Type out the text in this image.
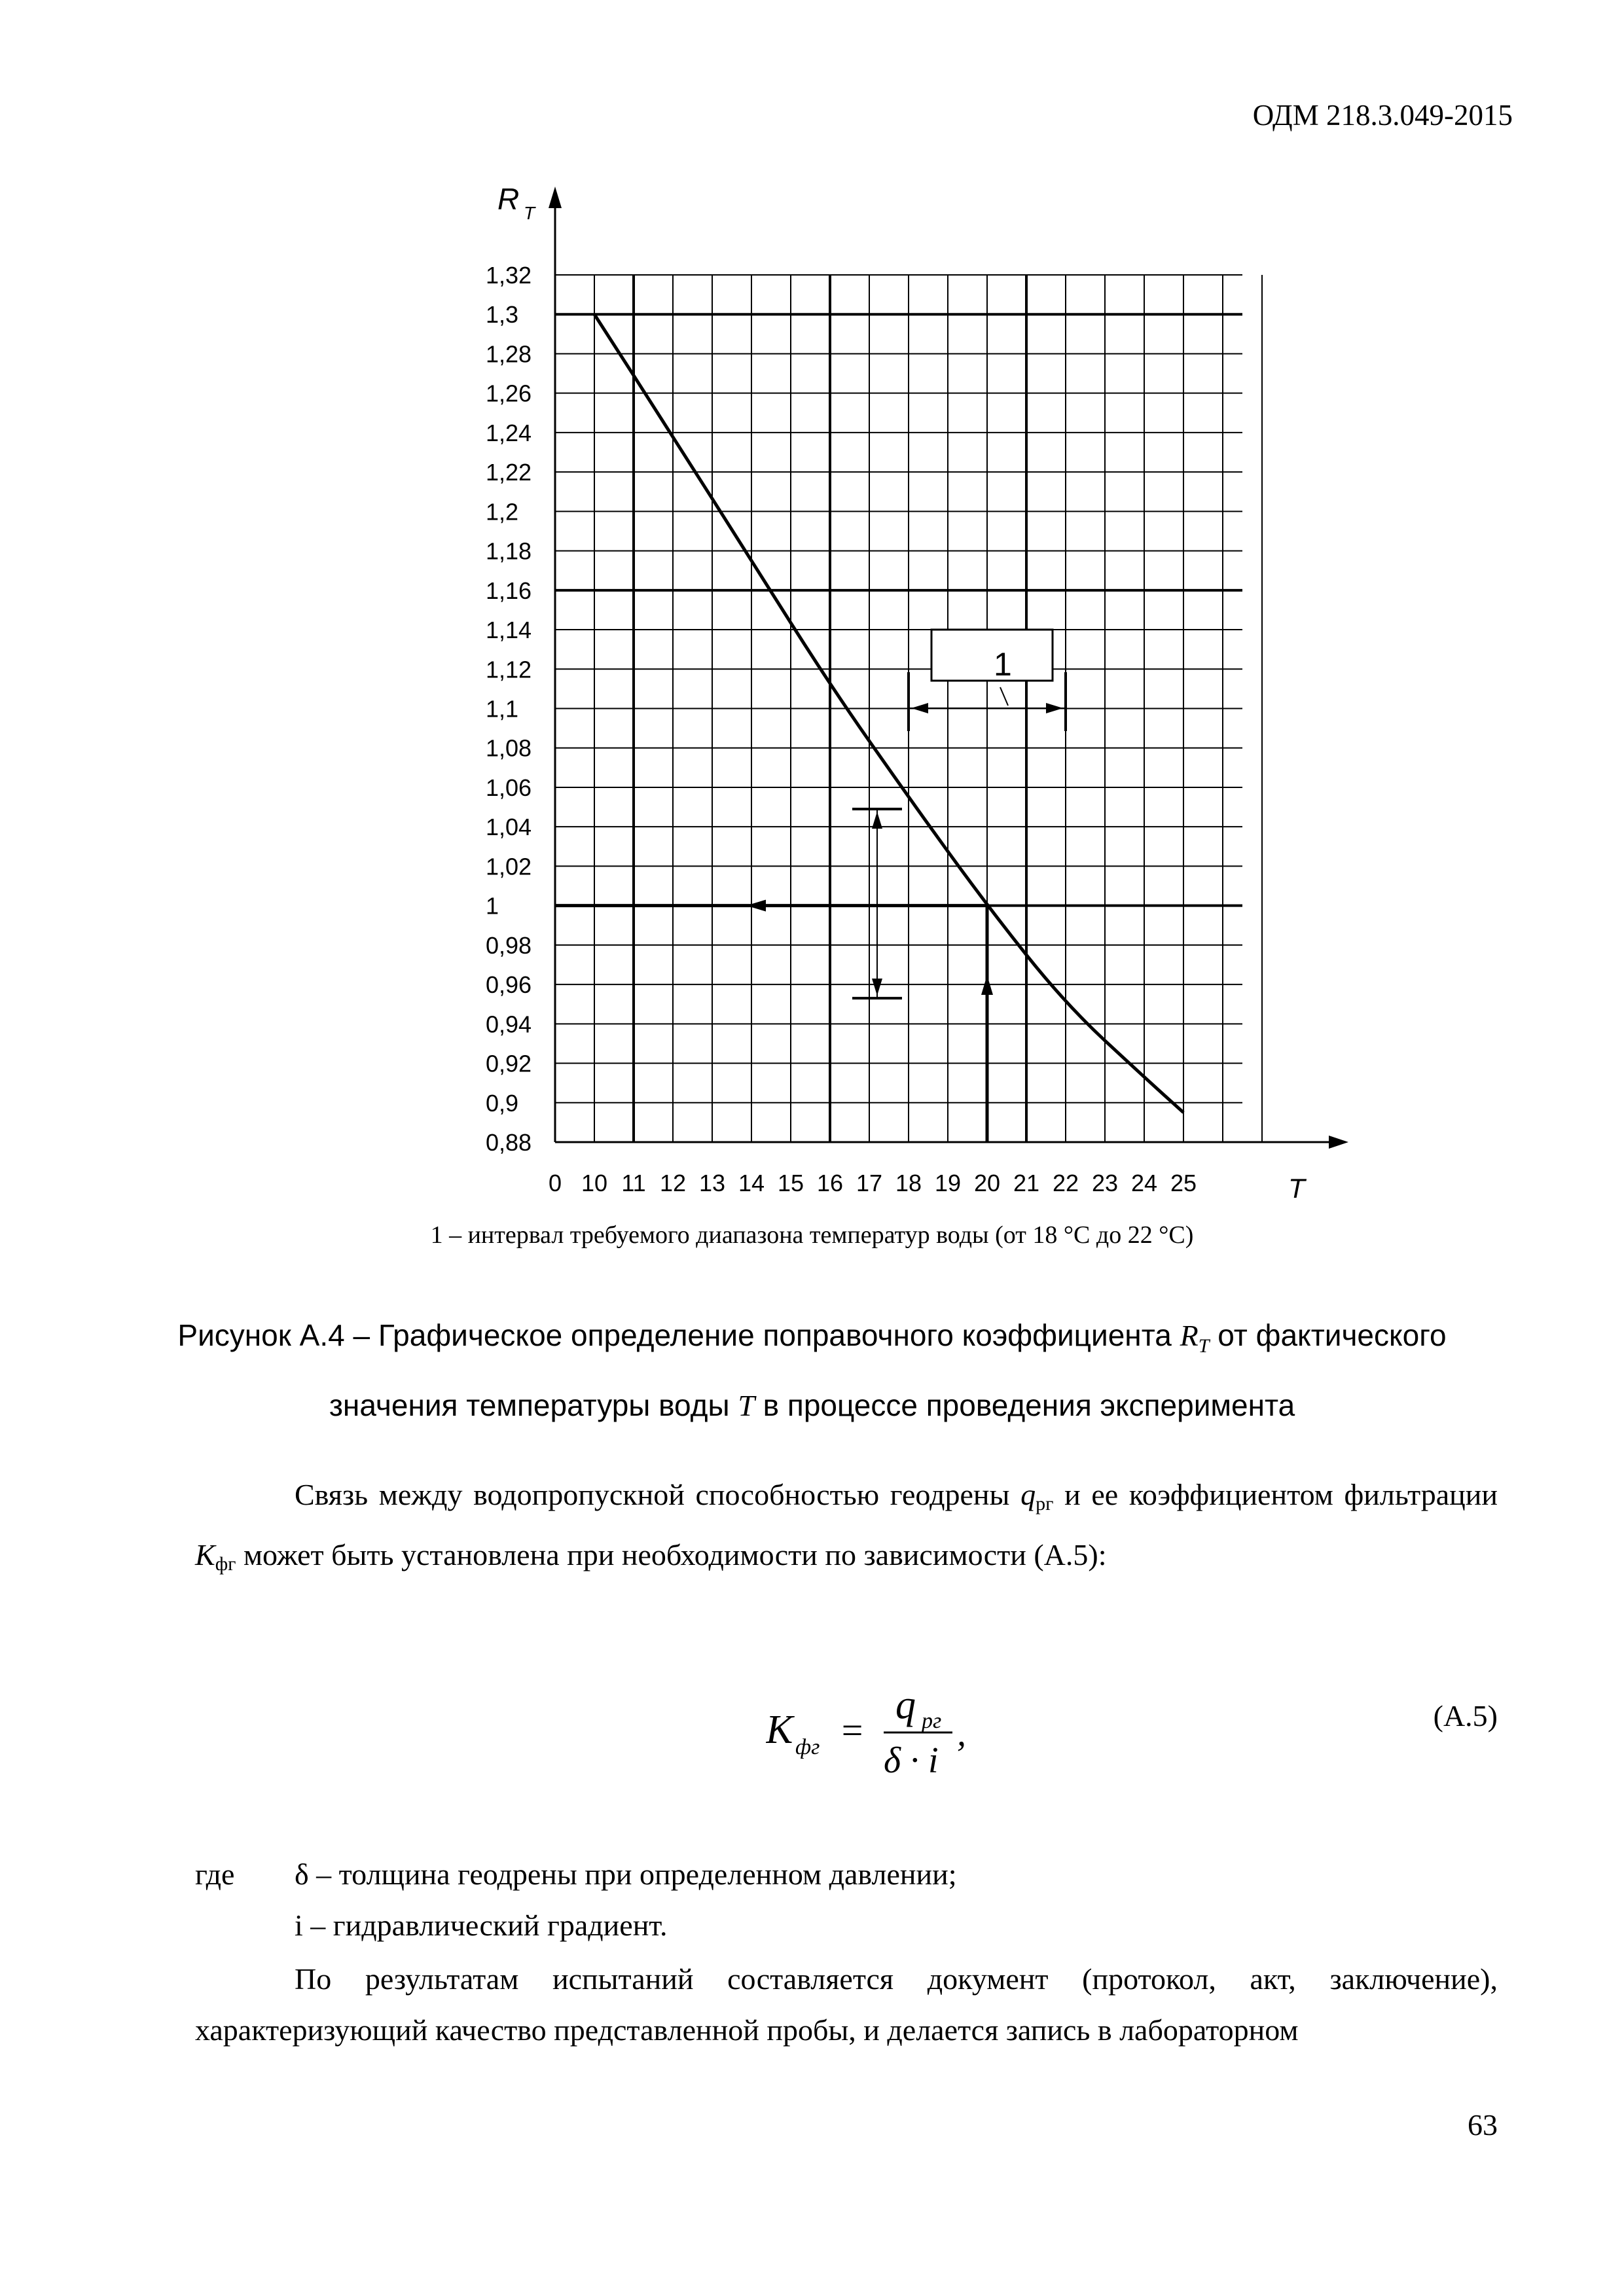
ОДМ 218.3.049-2015
R T
T
1,32
1,3
1,28
1,26
1,24
1,22
1,2
1,18
1,16
1,14
1,12
1,1
1,08
1,06
1,04
1,02
1
0,98
0,96
0,94
0,92
0,9
0,88
0 10 11 12 13 14 15 16 17 18 19 20 21 22 23 24 25
1
1 – интервал требуемого диапазона температур воды (от 18 °С до 22 °С)
Рисунок А.4 – Графическое определение поправочного коэффициента $R_T$ от фактического
значения температуры воды T в процессе проведения эксперимента
Связь между водопропускной способностью геодрены $q_{рг}$ и ее коэффициентом фильтрации $K_{фг}$ может быть установлена при необходимости по зависимости (А.5):
K фг =
q рг
δ · i
,	(А.5)
где δ – толщина геодрены при определенном давлении;
i – гидравлический градиент.
По результатам испытаний составляется документ (протокол, акт, заключение), характеризующий качество представленной пробы, и делается запись в лабораторном
63
